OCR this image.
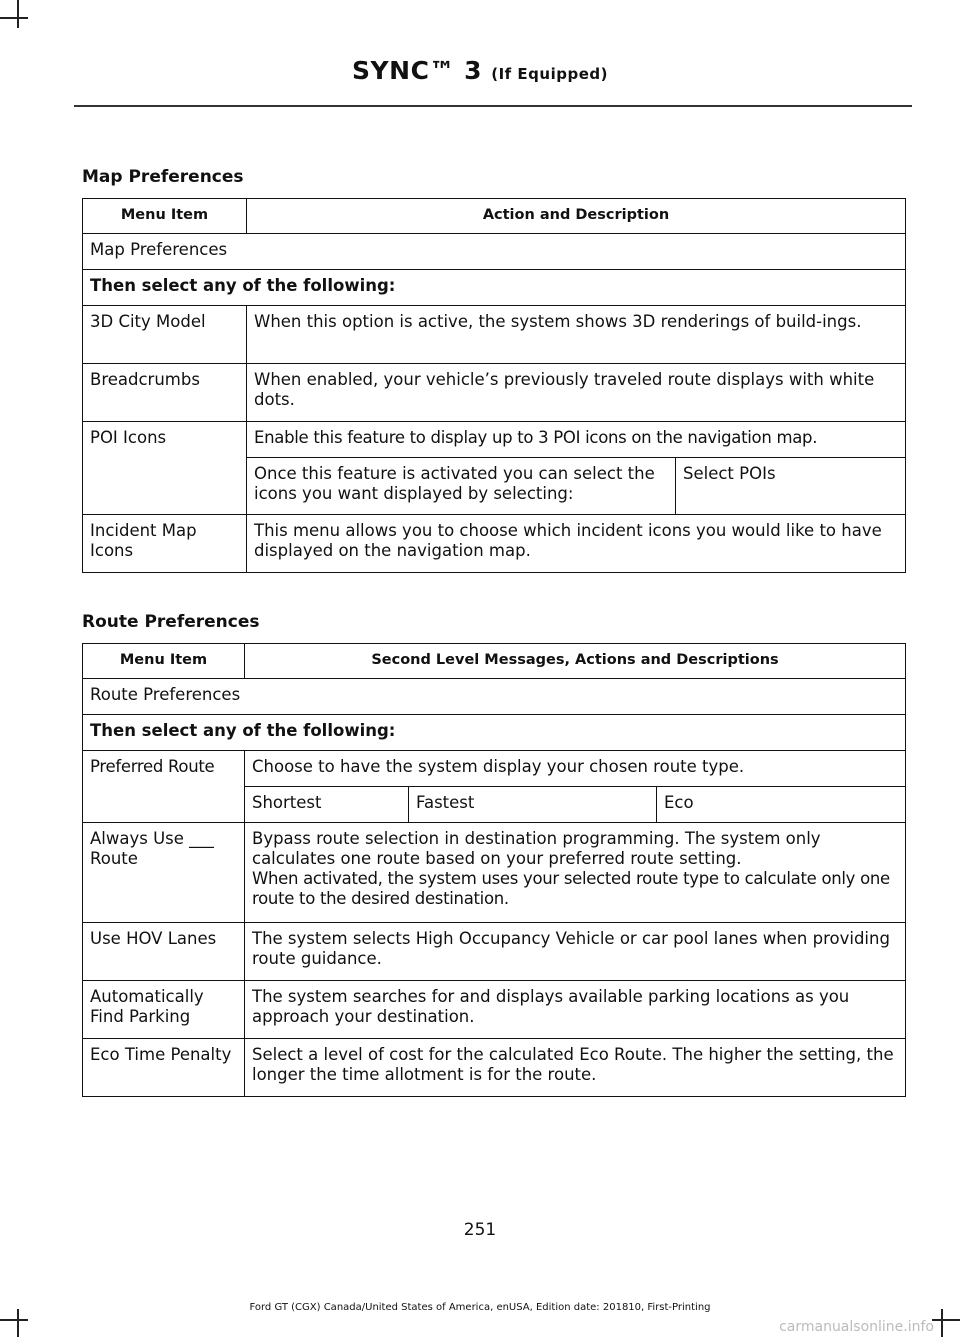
SYNC™ 3 (If Equipped)
Map Preferences
Menu Item	Action and Description	
Map Preferences		
Then select any of the following:		
3D City Model	When this option is active, the system shows 3D renderings of build-ings.	
Breadcrumbs	When enabled, your vehicle’s previously traveled route displays with white dots.	
POI Icons	Enable this feature to display up to 3 POI icons on the navigation map.	
	Once this feature is activated you can select the icons you want displayed by selecting:	Select POIs
Incident Map Icons	This menu allows you to choose which incident icons you would like to have displayed on the navigation map.	
Route Preferences
Menu Item	Second Level Messages, Actions and Descriptions		
Route Preferences			
Then select any of the following:			
Preferred Route	Choose to have the system display your chosen route type.		
	Shortest	Fastest	Eco
Always Use ___ Route	Bypass route selection in destination programming. The system only calculates one route based on your preferred route setting.
When activated, the system uses your selected route type to calculate only one route to the desired destination.		

Use HOV Lanes	The system selects High Occupancy Vehicle or car pool lanes when providing route guidance.		
Automatically Find Parking	The system searches for and displays available parking locations as you approach your destination.		
Eco Time Penalty	Select a level of cost for the calculated Eco Route. The higher the setting, the longer the time allotment is for the route.		
251
Ford GT (CGX) Canada/United States of America, enUSA, Edition date: 201810, First-Printing
carmanualsonline.info
